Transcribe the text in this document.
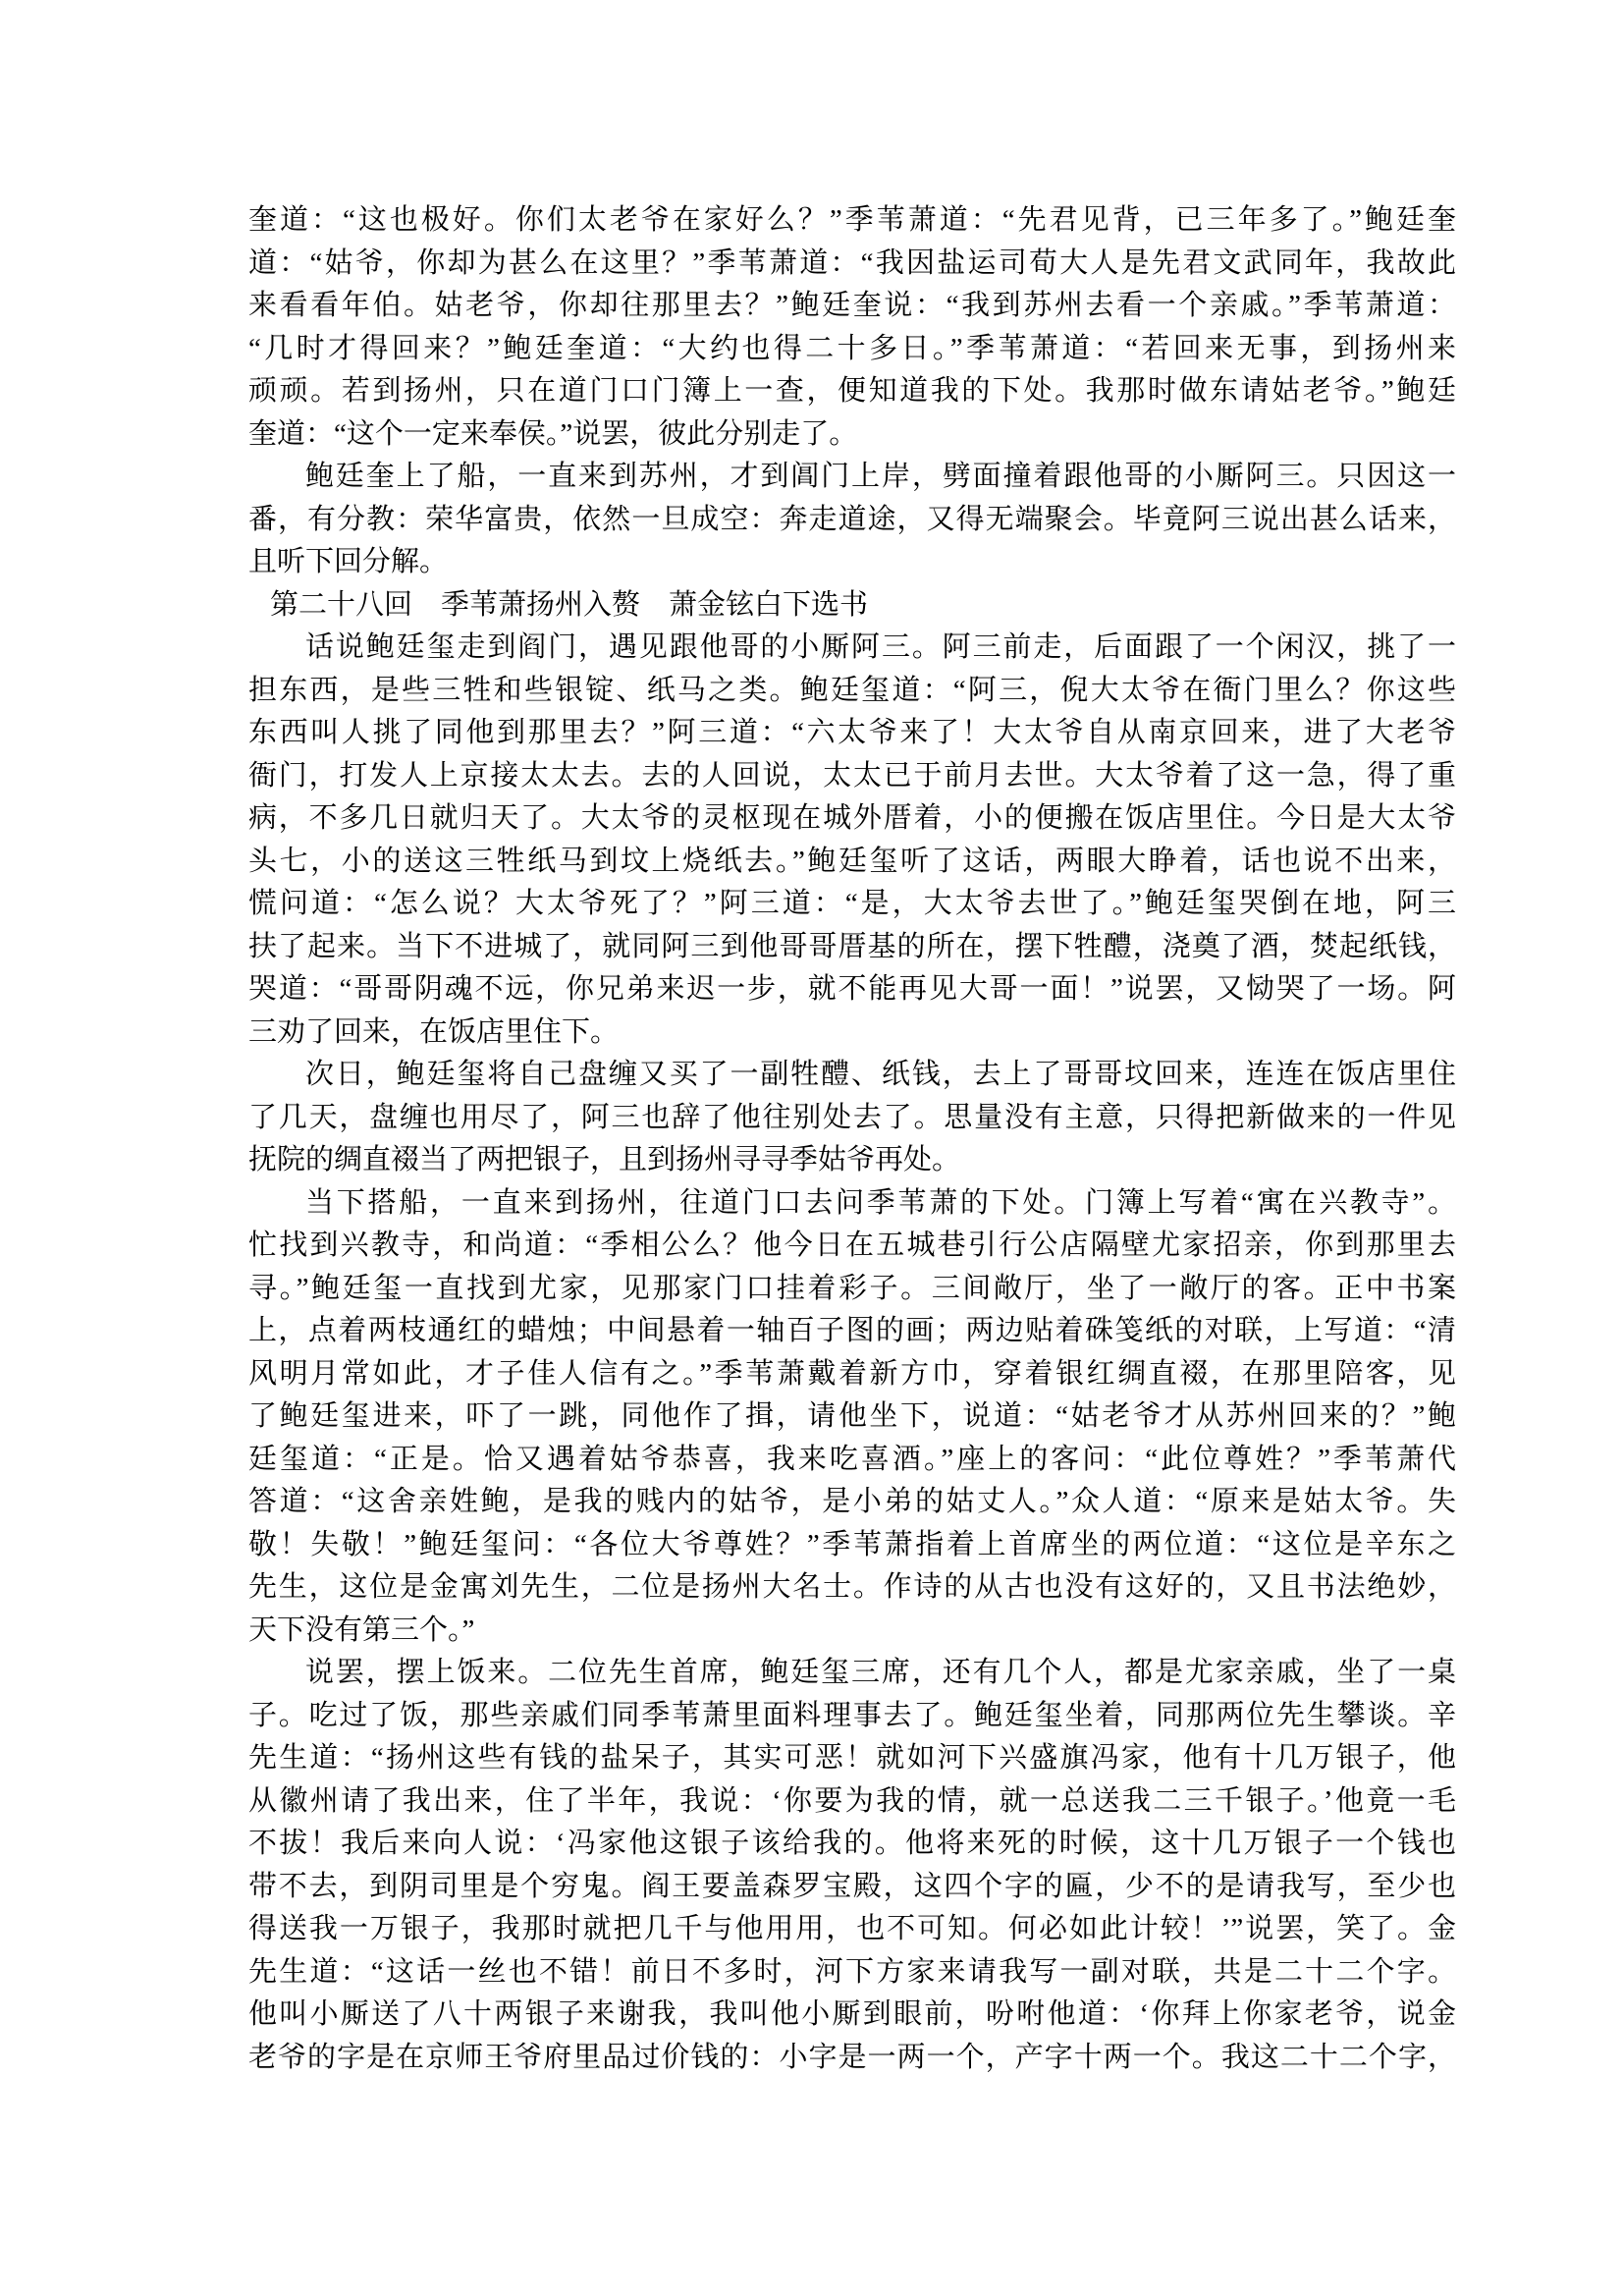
奎道：“这也极好。你们太老爷在家好么？”季苇萧道：“先君见背，已三年多了。”鲍廷奎
道：“姑爷，你却为甚么在这里？”季苇萧道：“我因盐运司荀大人是先君文武同年，我故此
来看看年伯。姑老爷，你却往那里去？”鲍廷奎说：“我到苏州去看一个亲戚。”季苇萧道：
“几时才得回来？”鲍廷奎道：“大约也得二十多日。”季苇萧道：“若回来无事，到扬州来
顽顽。若到扬州，只在道门口门簿上一查，便知道我的下处。我那时做东请姑老爷。”鲍廷
奎道：“这个一定来奉侯。”说罢，彼此分别走了。
鲍廷奎上了船，一直来到苏州，才到阊门上岸，劈面撞着跟他哥的小厮阿三。只因这一
番，有分教：荣华富贵，依然一旦成空：奔走道途，又得无端聚会。毕竟阿三说出甚么话来，
且听下回分解。
第二十八回　季苇萧扬州入赘　萧金铉白下选书
话说鲍廷玺走到阎门，遇见跟他哥的小厮阿三。阿三前走，后面跟了一个闲汉，挑了一
担东西，是些三牲和些银锭、纸马之类。鲍廷玺道：“阿三，倪大太爷在衙门里么？你这些
东西叫人挑了同他到那里去？”阿三道：“六太爷来了！大太爷自从南京回来，进了大老爷
衙门，打发人上京接太太去。去的人回说，太太已于前月去世。大太爷着了这一急，得了重
病，不多几日就归天了。大太爷的灵枢现在城外厝着，小的便搬在饭店里住。今日是大太爷
头七，小的送这三牲纸马到坟上烧纸去。”鲍廷玺听了这话，两眼大睁着，话也说不出来，
慌问道：“怎么说？大太爷死了？”阿三道：“是，大太爷去世了。”鲍廷玺哭倒在地，阿三
扶了起来。当下不进城了，就同阿三到他哥哥厝基的所在，摆下牲醴，浇奠了酒，焚起纸钱，
哭道：“哥哥阴魂不远，你兄弟来迟一步，就不能再见大哥一面！”说罢，又恸哭了一场。阿
三劝了回来，在饭店里住下。
次日，鲍廷玺将自己盘缠又买了一副牲醴、纸钱，去上了哥哥坟回来，连连在饭店里住
了几天，盘缠也用尽了，阿三也辞了他往别处去了。思量没有主意，只得把新做来的一件见
抚院的绸直裰当了两把银子，且到扬州寻寻季姑爷再处。
当下搭船，一直来到扬州，往道门口去问季苇萧的下处。门簿上写着“寓在兴教寺”。
忙找到兴教寺，和尚道：“季相公么？他今日在五城巷引行公店隔壁尤家招亲，你到那里去
寻。”鲍廷玺一直找到尤家，见那家门口挂着彩子。三间敞厅，坐了一敞厅的客。正中书案
上，点着两枝通红的蜡烛；中间悬着一轴百子图的画；两边贴着硃笺纸的对联，上写道：“清
风明月常如此，才子佳人信有之。”季苇萧戴着新方巾，穿着银红绸直裰，在那里陪客，见
了鲍廷玺进来，吓了一跳，同他作了揖，请他坐下，说道：“姑老爷才从苏州回来的？”鲍
廷玺道：“正是。恰又遇着姑爷恭喜，我来吃喜酒。”座上的客问：“此位尊姓？”季苇萧代
答道：“这舍亲姓鲍，是我的贱内的姑爷，是小弟的姑丈人。”众人道：“原来是姑太爷。失
敬！失敬！”鲍廷玺问：“各位大爷尊姓？”季苇萧指着上首席坐的两位道：“这位是辛东之
先生，这位是金寓刘先生，二位是扬州大名士。作诗的从古也没有这好的，又且书法绝妙，
天下没有第三个。”
说罢，摆上饭来。二位先生首席，鲍廷玺三席，还有几个人，都是尤家亲戚，坐了一桌
子。吃过了饭，那些亲戚们同季苇萧里面料理事去了。鲍廷玺坐着，同那两位先生攀谈。辛
先生道：“扬州这些有钱的盐呆子，其实可恶！就如河下兴盛旗冯家，他有十几万银子，他
从徽州请了我出来，住了半年，我说：‘你要为我的情，就一总送我二三千银子。’他竟一毛
不拔！我后来向人说：‘冯家他这银子该给我的。他将来死的时候，这十几万银子一个钱也
带不去，到阴司里是个穷鬼。阎王要盖森罗宝殿，这四个字的匾，少不的是请我写，至少也
得送我一万银子，我那时就把几千与他用用，也不可知。何必如此计较！’”说罢，笑了。金
先生道：“这话一丝也不错！前日不多时，河下方家来请我写一副对联，共是二十二个字。
他叫小厮送了八十两银子来谢我，我叫他小厮到眼前，吩咐他道：‘你拜上你家老爷，说金
老爷的字是在京师王爷府里品过价钱的：小字是一两一个，产字十两一个。我这二十二个字，
